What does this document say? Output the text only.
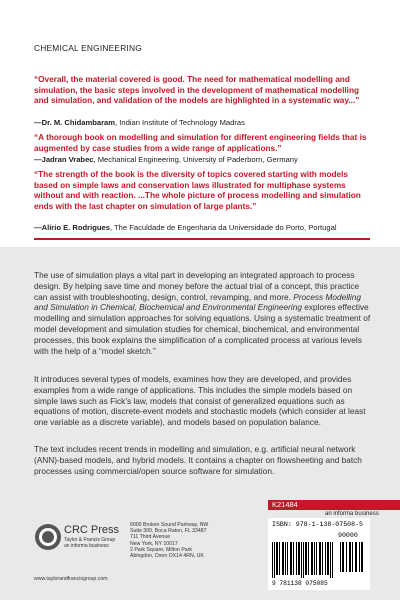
CHEMICAL ENGINEERING
“Overall, the material covered is good. The need for mathematical modelling and simulation, the basic steps involved in the development of mathematical modelling and simulation, and validation of the models are highlighted in a systematic way...”
—Dr. M. Chidambaram, Indian Institute of Technology Madras
“A thorough book on modelling and simulation for different engineering fields that is augmented by case studies from a wide range of applications.”
—Jadran Vrabec, Mechanical Engineering, University of Paderborn, Germany
“The strength of the book is the diversity of topics covered starting with models based on simple laws and conservation laws illustrated for multiphase systems without and with reaction. ...The whole picture of process modelling and simulation ends with the last chapter on simulation of large plants.”
—Alírio E. Rodrigues, The Faculdade de Engenharia da Universidade do Porto, Portugal
The use of simulation plays a vital part in developing an integrated approach to process design. By helping save time and money before the actual trial of a concept, this practice can assist with troubleshooting, design, control, revamping, and more. Process Modelling and Simulation in Chemical, Biochemical and Environmental Engineering explores effective modelling and simulation approaches for solving equations. Using a systematic treatment of model development and simulation studies for chemical, biochemical, and environmental processes, this book explains the simplification of a complicated process at various levels with the help of a “model sketch.”
It introduces several types of models, examines how they are developed, and provides examples from a wide range of applications. This includes the simple models based on simple laws such as Fick’s law, models that consist of generalized equations such as equations of motion, discrete-event models and stochastic models (which consider at least one variable as a discrete variable), and models based on population balance.
The text includes recent trends in modelling and simulation, e.g. artificial neural network (ANN)-based models, and hybrid models. It contains a chapter on flowsheeting and batch processes using commercial/open source software for simulation.
K21484
an informa business
ISBN: 978-1-138-07508-5
90000
9 781138 075085
CRC Press
Taylor & Francis Group
an informa business
6000 Broken Sound Parkway, NW
Suite 300, Boca Raton, FL 33487
711 Third Avenue
New York, NY 10017
2 Park Square, Milton Park
Abingdon, Oxon OX14 4RN, UK
www.taylorandfrancisgroup.com
